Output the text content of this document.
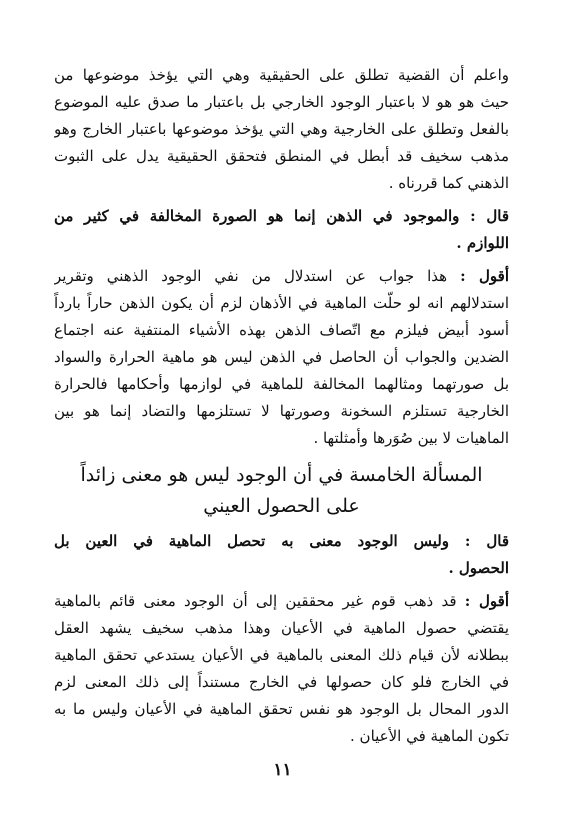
واعلم أن القضية تطلق على الحقيقية وهي التي يؤخذ موضوعها من
حيث هو هو لا باعتبار الوجود الخارجي بل باعتبار ما صدق عليه الموضوع
بالفعل وتطلق على الخارجية وهي التي يؤخذ موضوعها باعتبار الخارج وهو
مذهب سخيف قد أبطل في المنطق فتحقق الحقيقية يدل على الثبوت
الذهني كما قررناه .
قال : والموجود في الذهن إنما هو الصورة المخالفة في كثير من
اللوازم .
أقول : هذا جواب عن استدلال من نفي الوجود الذهني وتقرير
استدلالهم انه لو حلّت الماهية في الأذهان لزم أن يكون الذهن حاراً بارداً
أسود أبيض فيلزم مع اتّصاف الذهن بهذه الأشياء المنتفية عنه اجتماع
الضدين والجواب أن الحاصل في الذهن ليس هو ماهية الحرارة والسواد
بل صورتهما ومثالهما المخالفة للماهية في لوازمها وأحكامها فالحرارة
الخارجية تستلزم السخونة وصورتها لا تستلزمها والتضاد إنما هو بين
الماهيات لا بين صُوَرها وأمثلتها .
المسألة الخامسة في أن الوجود ليس هو معنى زائداً
على الحصول العيني
قال : وليس الوجود معنى به تحصل الماهية في العين بل
الحصول .
أقول : قد ذهب قوم غير محققين إلى أن الوجود معنى قائم بالماهية
يقتضي حصول الماهية في الأعيان وهذا مذهب سخيف يشهد العقل
ببطلانه لأن قيام ذلك المعنى بالماهية في الأعيان يستدعي تحقق الماهية
في الخارج فلو كان حصولها في الخارج مستنداً إلى ذلك المعنى لزم
الدور المحال بل الوجود هو نفس تحقق الماهية في الأعيان وليس ما به
تكون الماهية في الأعيان .
١١
